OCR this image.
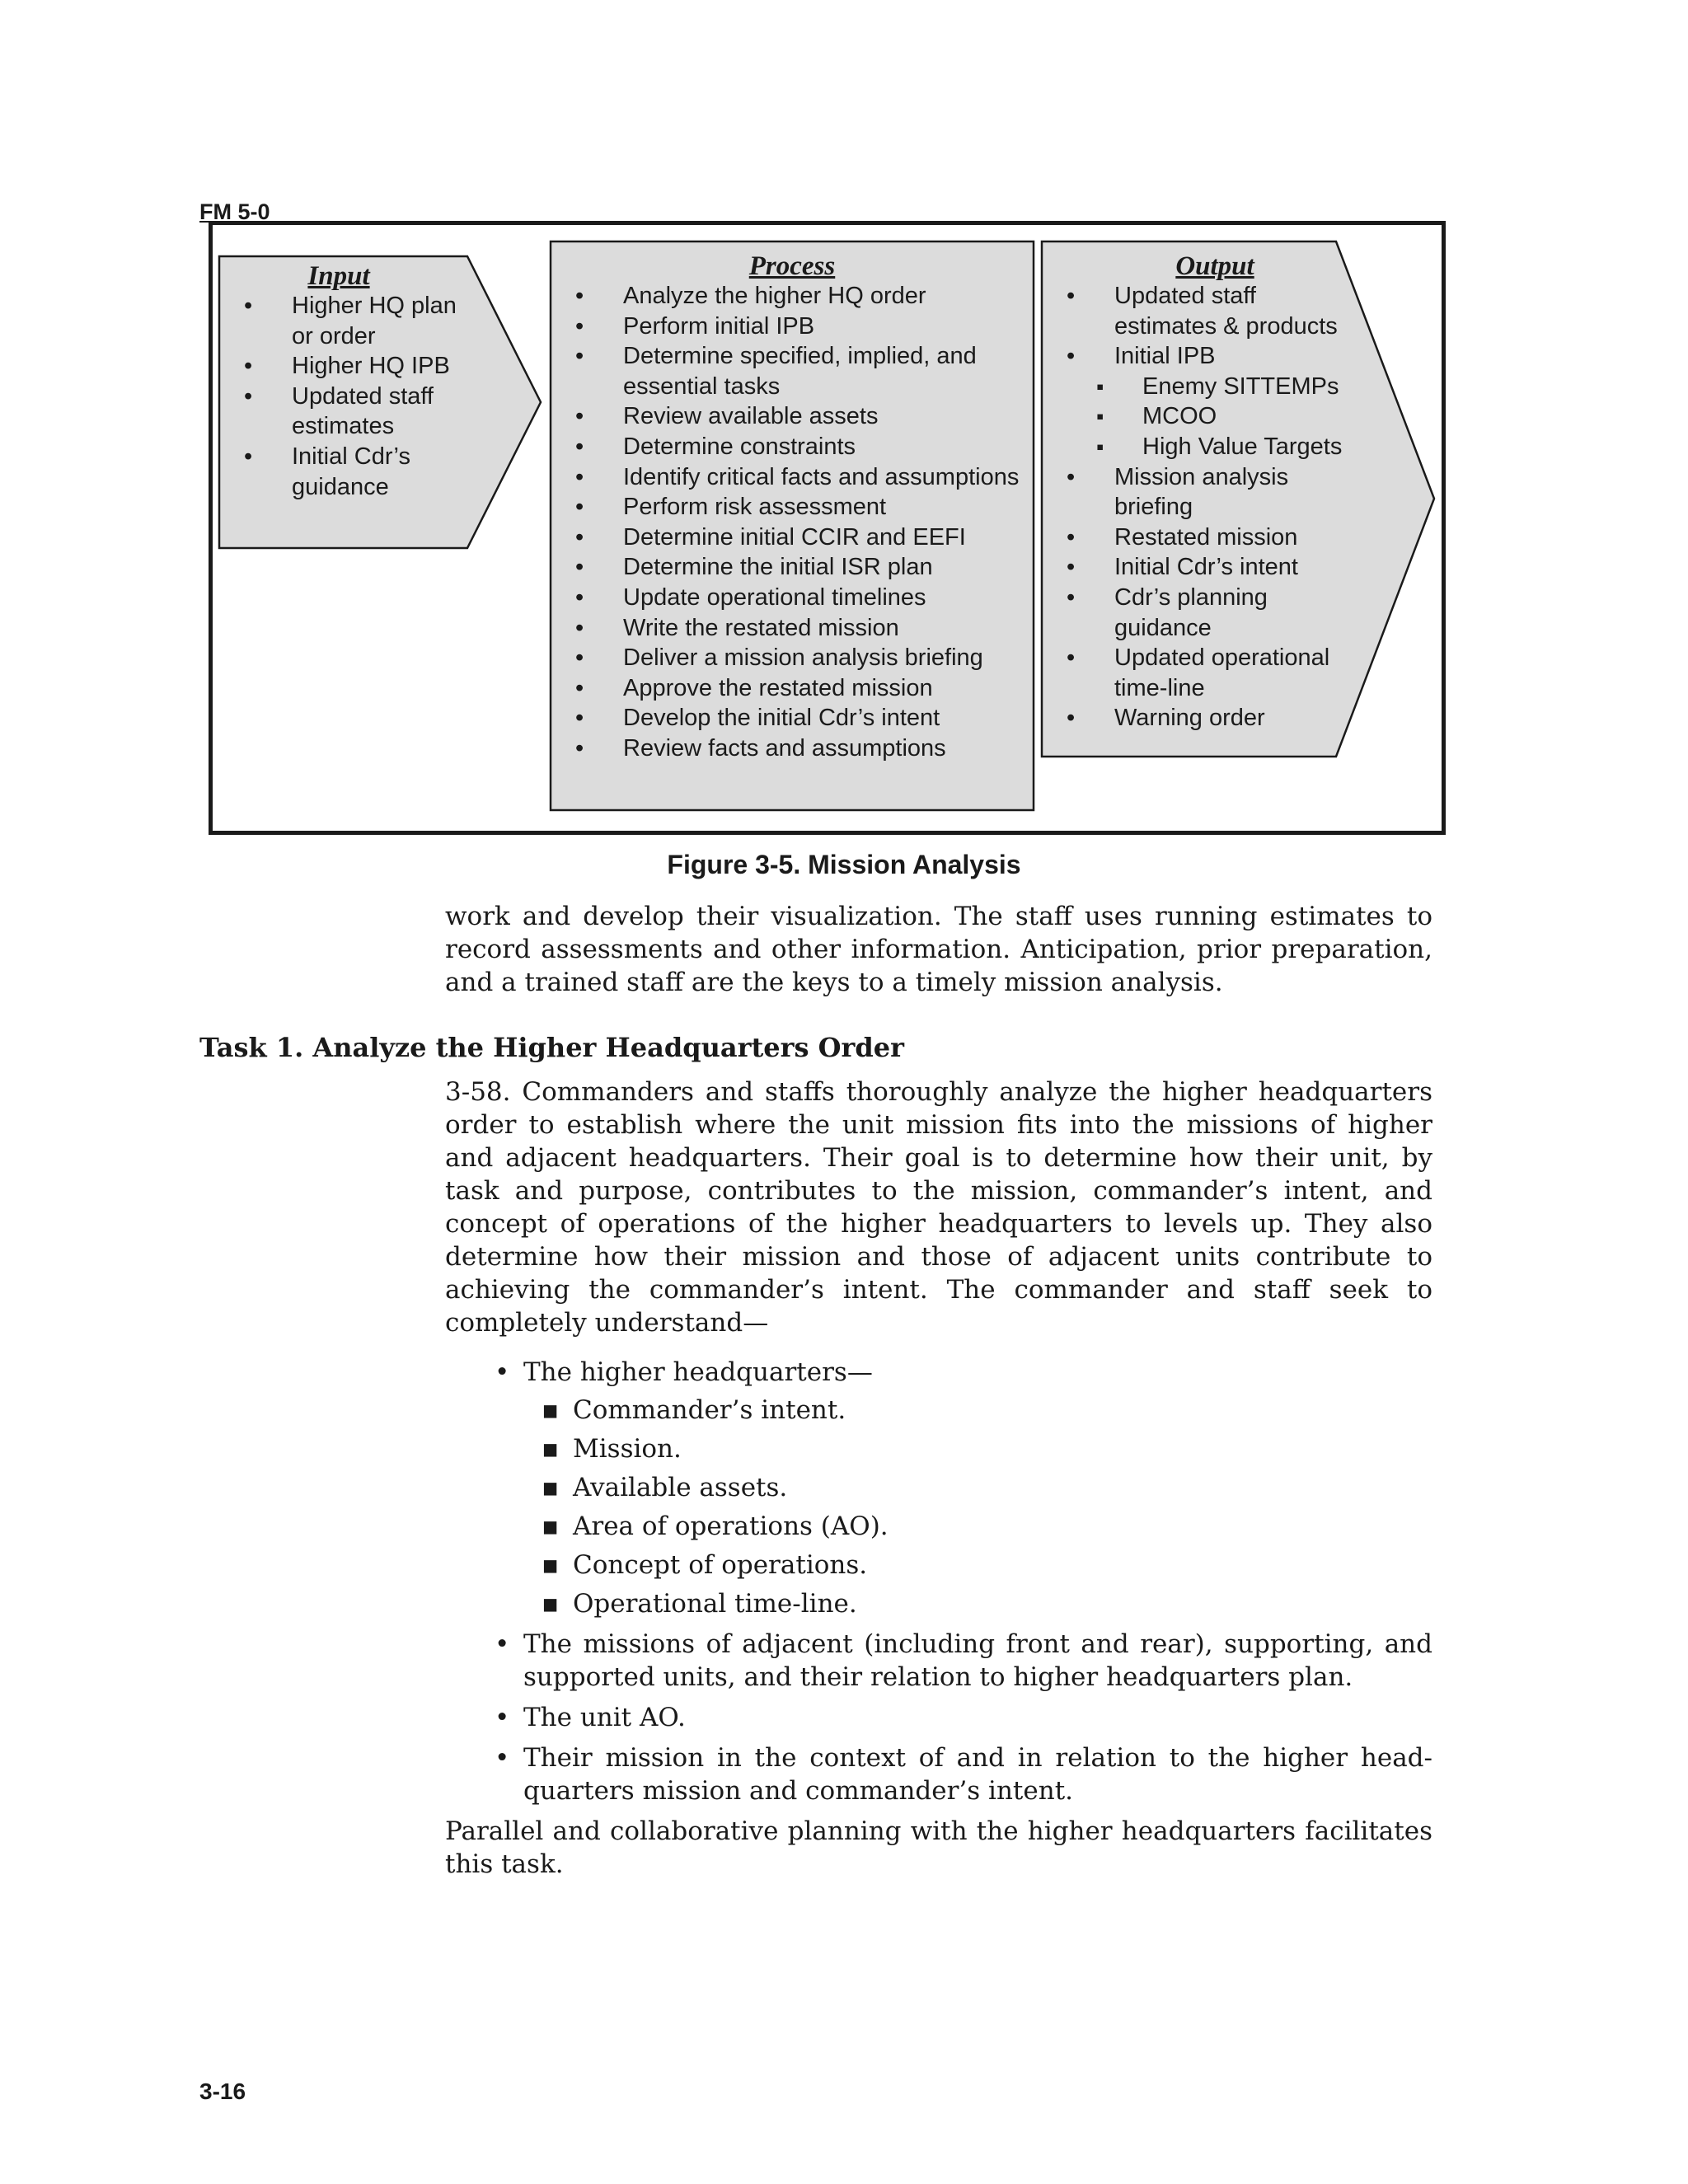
FM 5-0
Input
• Higher HQ plan or order
• Higher HQ IPB
• Updated staff estimates
• Initial Cdr’s guidance
Process
• Analyze the higher HQ order
• Perform initial IPB
• Determine specified, implied, and essential tasks
• Review available assets
• Determine constraints
• Identify critical facts and assumptions
• Perform risk assessment
• Determine initial CCIR and EEFI
• Determine the initial ISR plan
• Update operational timelines
• Write the restated mission
• Deliver a mission analysis briefing
• Approve the restated mission
• Develop the initial Cdr’s intent
• Review facts and assumptions
Output
• Updated staff estimates & products
• Initial IPB
▪ Enemy SITTEMPs
▪ MCOO
▪ High Value Targets
• Mission analysis briefing
• Restated mission
• Initial Cdr’s intent
• Cdr’s planning guidance
• Updated operational time-line
• Warning order
Figure 3-5. Mission Analysis

work and develop their visualization. The staff uses running estimates to record assessments and other information. Anticipation, prior preparation, and a trained staff are the keys to a timely mission analysis.

Task 1. Analyze the Higher Headquarters Order

3-58. Commanders and staffs thoroughly analyze the higher headquarters order to establish where the unit mission fits into the missions of higher and adjacent headquarters. Their goal is to determine how their unit, by task and purpose, contributes to the mission, commander’s intent, and concept of operations of the higher headquarters to levels up. They also determine how their mission and those of adjacent units contribute to achieving the commander’s intent. The commander and staff seek to completely understand—

• The higher headquarters—
▪ Commander’s intent.
▪ Mission.
▪ Available assets.
▪ Area of operations (AO).
▪ Concept of operations.
▪ Operational time-line.
• The missions of adjacent (including front and rear), supporting, and supported units, and their relation to higher headquarters plan.
• The unit AO.
• Their mission in the context of and in relation to the higher head-quarters mission and commander’s intent.

Parallel and collaborative planning with the higher headquarters facilitates this task.

3-16
